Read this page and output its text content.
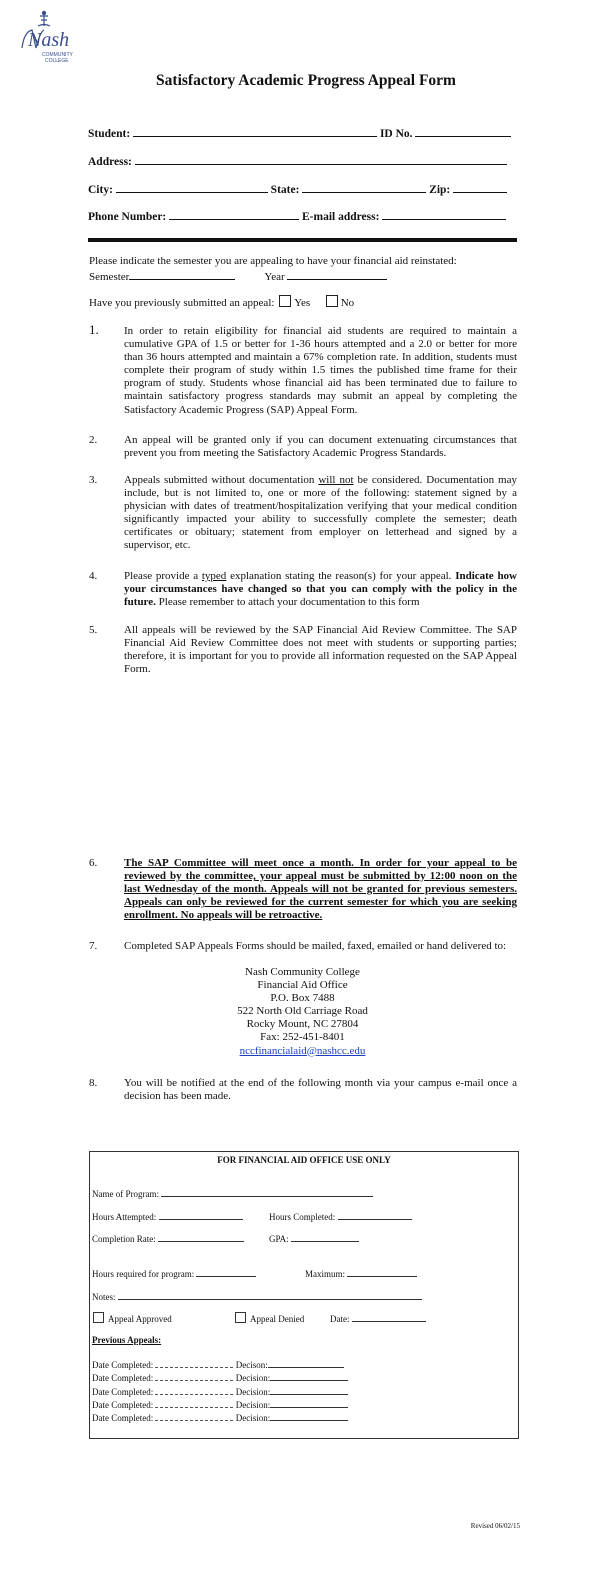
Nash
COMMUNITY
COLLEGE
Satisfactory Academic Progress Appeal Form
Student:	ID No.
Address:
City:	State:	Zip:
Phone Number:	E-mail address:
Please indicate the semester you are appealing to have your financial aid reinstated:
Semester	Year
Have you previously submitted an appeal: Yes	No
1. In order to retain eligibility for financial aid students are required to maintain a cumulative GPA of 1.5 or better for 1-36 hours attempted and a 2.0 or better for more than 36 hours attempted and maintain a 67% completion rate. In addition, students must complete their program of study within 1.5 times the published time frame for their program of study. Students whose financial aid has been terminated due to failure to maintain satisfactory progress standards may submit an appeal by completing the Satisfactory Academic Progress (SAP) Appeal Form.
2. An appeal will be granted only if you can document extenuating circumstances that prevent you from meeting the Satisfactory Academic Progress Standards.
3. Appeals submitted without documentation will not be considered. Documentation may include, but is not limited to, one or more of the following: statement signed by a physician with dates of treatment/hospitalization verifying that your medical condition significantly impacted your ability to successfully complete the semester; death certificates or obituary; statement from employer on letterhead and signed by a supervisor, etc.
4. Please provide a typed explanation stating the reason(s) for your appeal. Indicate how your circumstances have changed so that you can comply with the policy in the future. Please remember to attach your documentation to this form
5. All appeals will be reviewed by the SAP Financial Aid Review Committee. The SAP Financial Aid Review Committee does not meet with students or supporting parties; therefore, it is important for you to provide all information requested on the SAP Appeal Form.
6. The SAP Committee will meet once a month. In order for your appeal to be reviewed by the committee, your appeal must be submitted by 12:00 noon on the last Wednesday of the month. Appeals will not be granted for previous semesters. Appeals can only be reviewed for the current semester for which you are seeking enrollment. No appeals will be retroactive.
7. Completed SAP Appeals Forms should be mailed, faxed, emailed or hand delivered to:
Nash Community College
Financial Aid Office
P.O. Box 7488
522 North Old Carriage Road
Rocky Mount, NC 27804
Fax: 252-451-8401
nccfinancialaid@nashcc.edu
8. You will be notified at the end of the following month via your campus e-mail once a decision has been made.
FOR FINANCIAL AID OFFICE USE ONLY
Name of Program:
Hours Attempted:	Hours Completed:
Completion Rate:	GPA:
Hours required for program:	Maximum:
Notes:
Appeal Approved	Appeal Denied	Date:
Previous Appeals:
Date Completed:	Decison:
Date Completed:	Decision:
Date Completed:	Decision:
Date Completed:	Decision:
Date Completed:	Decision:
Revised 06/02/15
